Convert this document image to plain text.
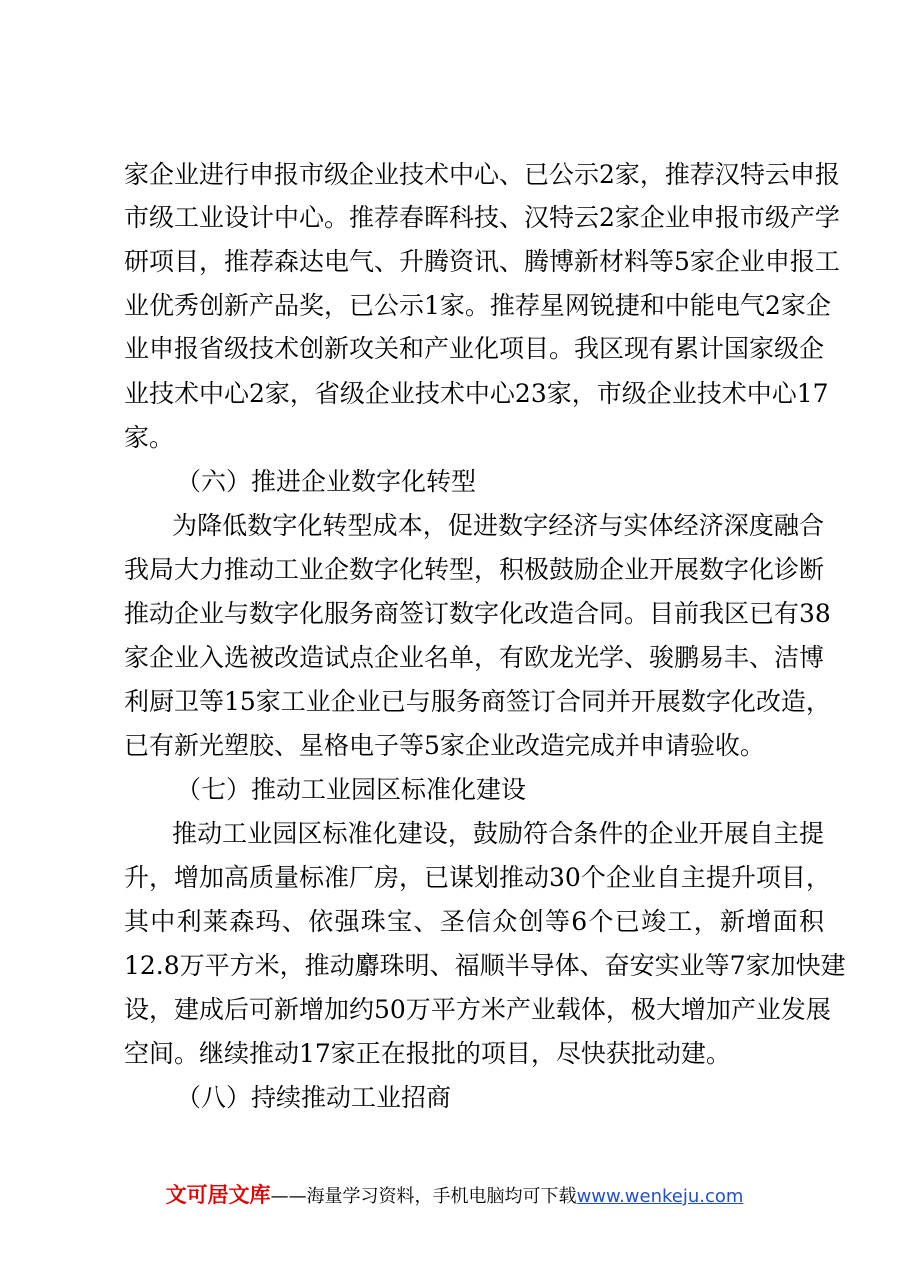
家企业进行申报市级企业技术中心、已公示2家，推荐汉特云申报
市级工业设计中心。推荐春晖科技、汉特云2家企业申报市级产学
研项目，推荐森达电气、升腾资讯、腾博新材料等5家企业申报工
业优秀创新产品奖，已公示1家。推荐星网锐捷和中能电气2家企
业申报省级技术创新攻关和产业化项目。我区现有累计国家级企
业技术中心2家，省级企业技术中心23家，市级企业技术中心17
家。
（六）推进企业数字化转型
为降低数字化转型成本，促进数字经济与实体经济深度融合
我局大力推动工业企数字化转型，积极鼓励企业开展数字化诊断
推动企业与数字化服务商签订数字化改造合同。目前我区已有38
家企业入选被改造试点企业名单，有欧龙光学、骏鹏易丰、洁博
利厨卫等15家工业企业已与服务商签订合同并开展数字化改造，
已有新光塑胶、星格电子等5家企业改造完成并申请验收。
（七）推动工业园区标准化建设
推动工业园区标准化建设，鼓励符合条件的企业开展自主提
升，增加高质量标准厂房，已谋划推动30个企业自主提升项目，
其中利莱森玛、依强珠宝、圣信众创等6个已竣工，新增面积
12.8万平方米，推动麝珠明、福顺半导体、奋安实业等7家加快建
设，建成后可新增加约50万平方米产业载体，极大增加产业发展
空间。继续推动17家正在报批的项目，尽快获批动建。
（八）持续推动工业招商
文可居文库——海量学习资料，手机电脑均可下载www.wenkeju.com
